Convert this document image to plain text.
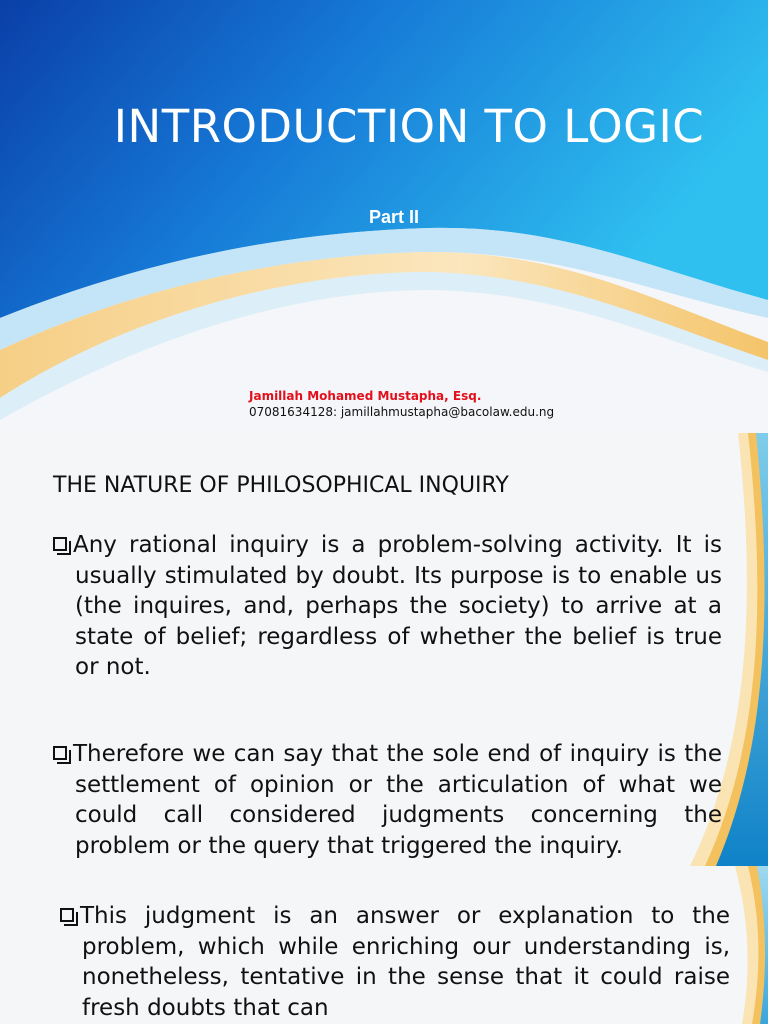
INTRODUCTION TO LOGIC
Part II
Jamillah Mohamed Mustapha, Esq.
07081634128: jamillahmustapha@bacolaw.edu.ng
THE NATURE OF PHILOSOPHICAL INQUIRY

Any rational inquiry is a problem-solving activity. It is usually stimulated by doubt. Its purpose is to enable us (the inquires, and, perhaps the society) to arrive at a state of belief; regardless of whether the belief is true or not.

Therefore we can say that the sole end of inquiry is the settlement of opinion or the articulation of what we could call considered judgments concerning the problem or the query that triggered the inquiry.

This judgment is an answer or explanation to the problem, which while enriching our understanding is, nonetheless, tentative in the sense that it could raise fresh doubts that can
